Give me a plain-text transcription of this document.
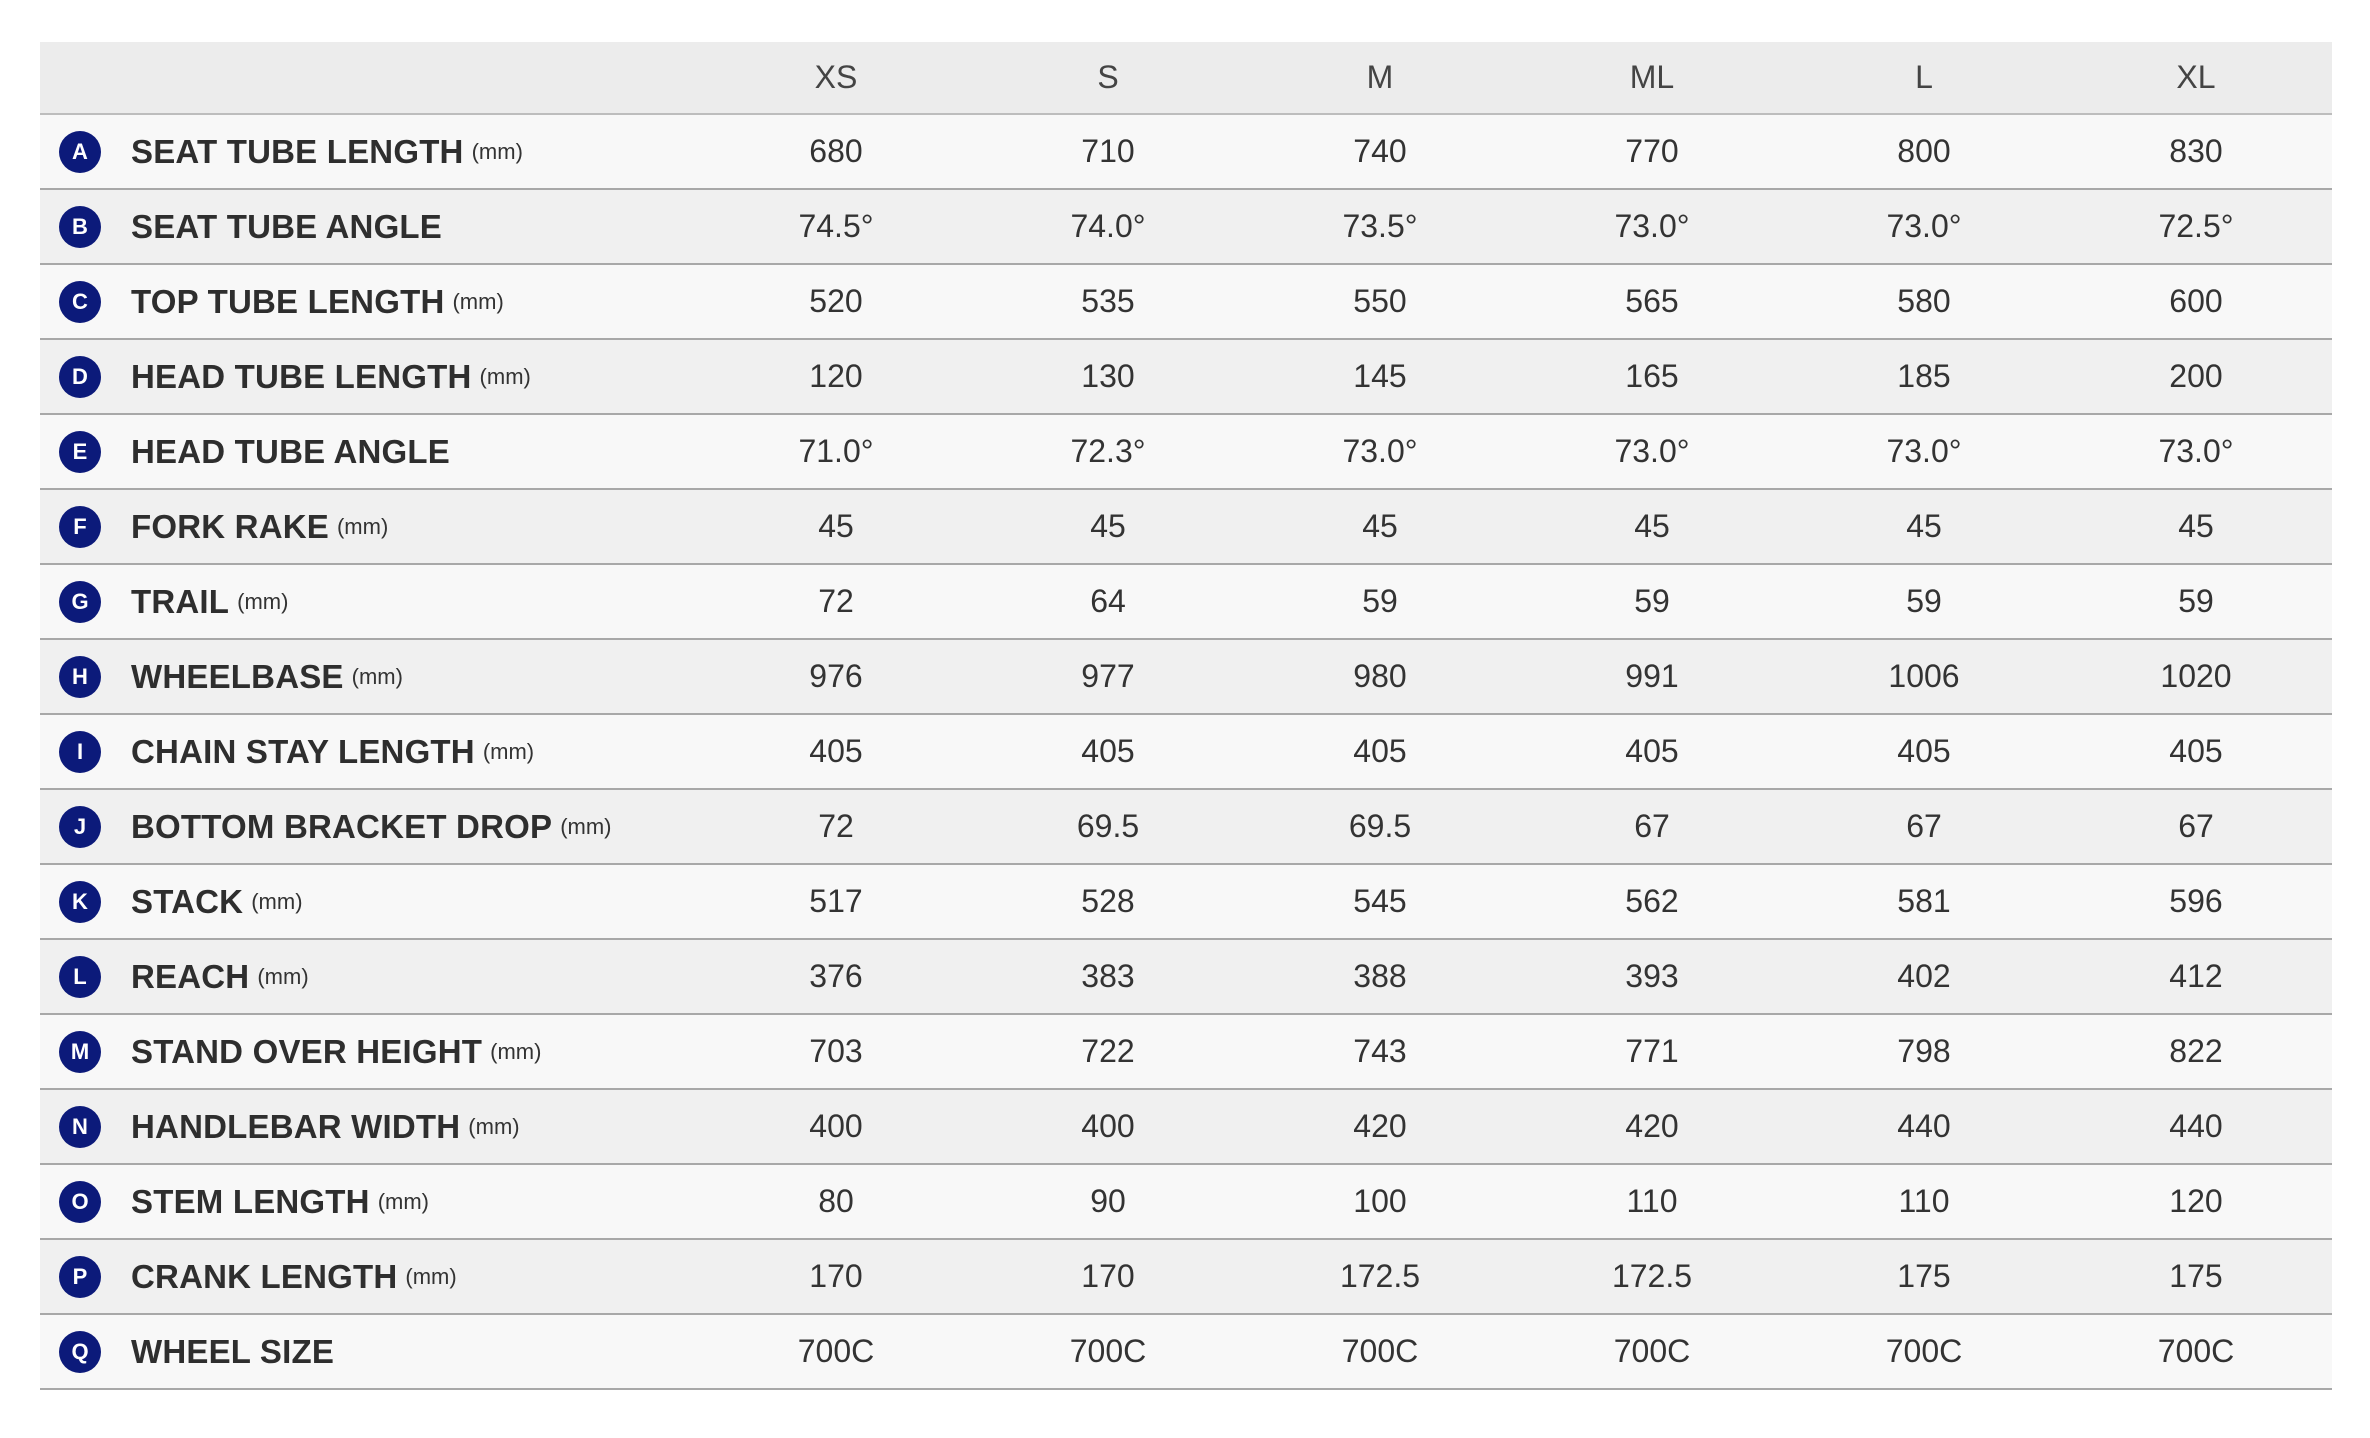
	XS	S	M	ML	L	XL
A SEAT TUBE LENGTH (mm)	680	710	740	770	800	830
B SEAT TUBE ANGLE	74.5°	74.0°	73.5°	73.0°	73.0°	72.5°
C TOP TUBE LENGTH (mm)	520	535	550	565	580	600
D HEAD TUBE LENGTH (mm)	120	130	145	165	185	200
E HEAD TUBE ANGLE	71.0°	72.3°	73.0°	73.0°	73.0°	73.0°
F FORK RAKE (mm)	45	45	45	45	45	45
G TRAIL (mm)	72	64	59	59	59	59
H WHEELBASE (mm)	976	977	980	991	1006	1020
I CHAIN STAY LENGTH (mm)	405	405	405	405	405	405
J BOTTOM BRACKET DROP (mm)	72	69.5	69.5	67	67	67
K STACK (mm)	517	528	545	562	581	596
L REACH (mm)	376	383	388	393	402	412
M STAND OVER HEIGHT (mm)	703	722	743	771	798	822
N HANDLEBAR WIDTH (mm)	400	400	420	420	440	440
O STEM LENGTH (mm)	80	90	100	110	110	120
P CRANK LENGTH (mm)	170	170	172.5	172.5	175	175
Q WHEEL SIZE	700C	700C	700C	700C	700C	700C
